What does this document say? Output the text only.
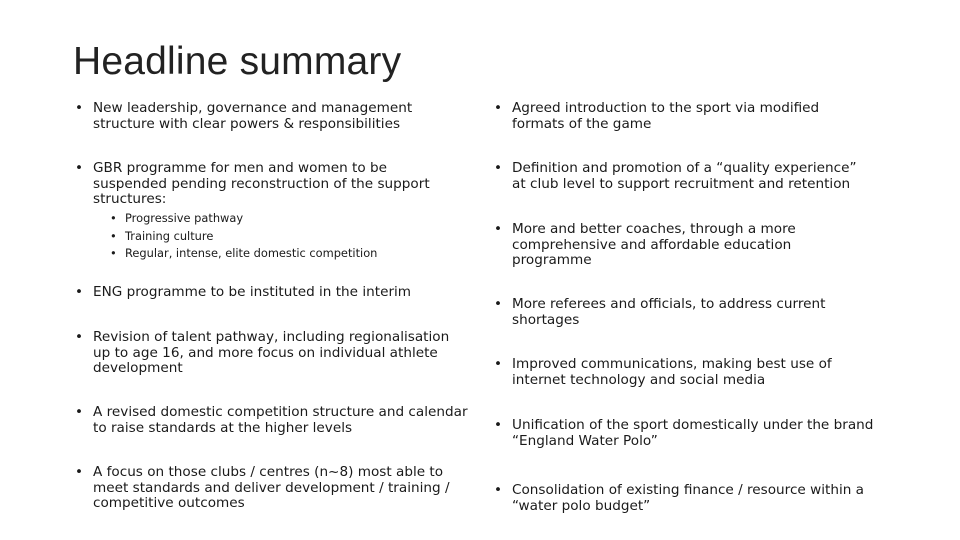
Headline summary
• New leadership, governance and management structure with clear powers & responsibilities
• GBR programme for men and women to be suspended pending reconstruction of the support structures:
• Progressive pathway
• Training culture
• Regular, intense, elite domestic competition
• ENG programme to be instituted in the interim
• Revision of talent pathway, including regionalisation up to age 16, and more focus on individual athlete development
• A revised domestic competition structure and calendar to raise standards at the higher levels
• A focus on those clubs / centres (n~8) most able to meet standards and deliver development / training / competitive outcomes
• Agreed introduction to the sport via modified formats of the game
• Definition and promotion of a “quality experience” at club level to support recruitment and retention
• More and better coaches, through a more comprehensive and affordable education programme
• More referees and officials, to address current shortages
• Improved communications, making best use of internet technology and social media
• Unification of the sport domestically under the brand “England Water Polo”
• Consolidation of existing finance / resource within a “water polo budget”
